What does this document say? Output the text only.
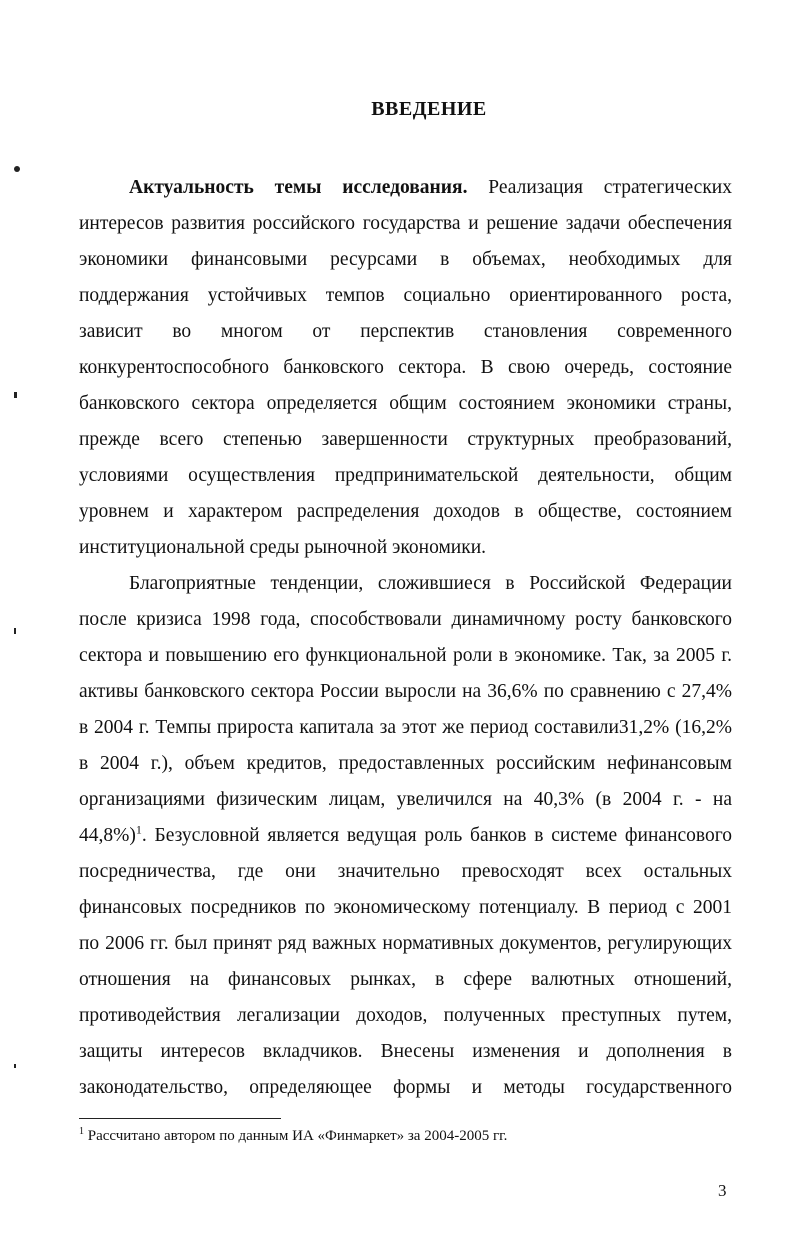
ВВЕДЕНИЕ
Актуальность темы исследования. Реализация стратегических
интересов развития российского государства и решение задачи обеспечения
экономики финансовыми ресурсами в объемах, необходимых для
поддержания устойчивых темпов социально ориентированного роста,
зависит во многом от перспектив становления современного
конкурентоспособного банковского сектора. В свою очередь, состояние
банковского сектора определяется общим состоянием экономики страны,
прежде всего степенью завершенности структурных преобразований,
условиями осуществления предпринимательской деятельности, общим
уровнем и характером распределения доходов в обществе, состоянием
институциональной среды рыночной экономики.
Благоприятные тенденции, сложившиеся в Российской Федерации
после кризиса 1998 года, способствовали динамичному росту банковского
сектора и повышению его функциональной роли в экономике. Так, за 2005 г.
активы банковского сектора России выросли на 36,6% по сравнению с 27,4%
в 2004 г. Темпы прироста капитала за этот же период составили31,2% (16,2%
в 2004 г.), объем кредитов, предоставленных российским нефинансовым
организациями физическим лицам, увеличился на 40,3% (в 2004 г. - на
44,8%)$^1$. Безусловной является ведущая роль банков в системе финансового
посредничества, где они значительно превосходят всех остальных
финансовых посредников по экономическому потенциалу. В период с 2001
по 2006 гг. был принят ряд важных нормативных документов, регулирующих
отношения на финансовых рынках, в сфере валютных отношений,
противодействия легализации доходов, полученных преступных путем,
защиты интересов вкладчиков. Внесены изменения и дополнения в
законодательство, определяющее формы и методы государственного
$^1$ Рассчитано автором по данным ИА «Финмаркет» за 2004-2005 гг.
3
